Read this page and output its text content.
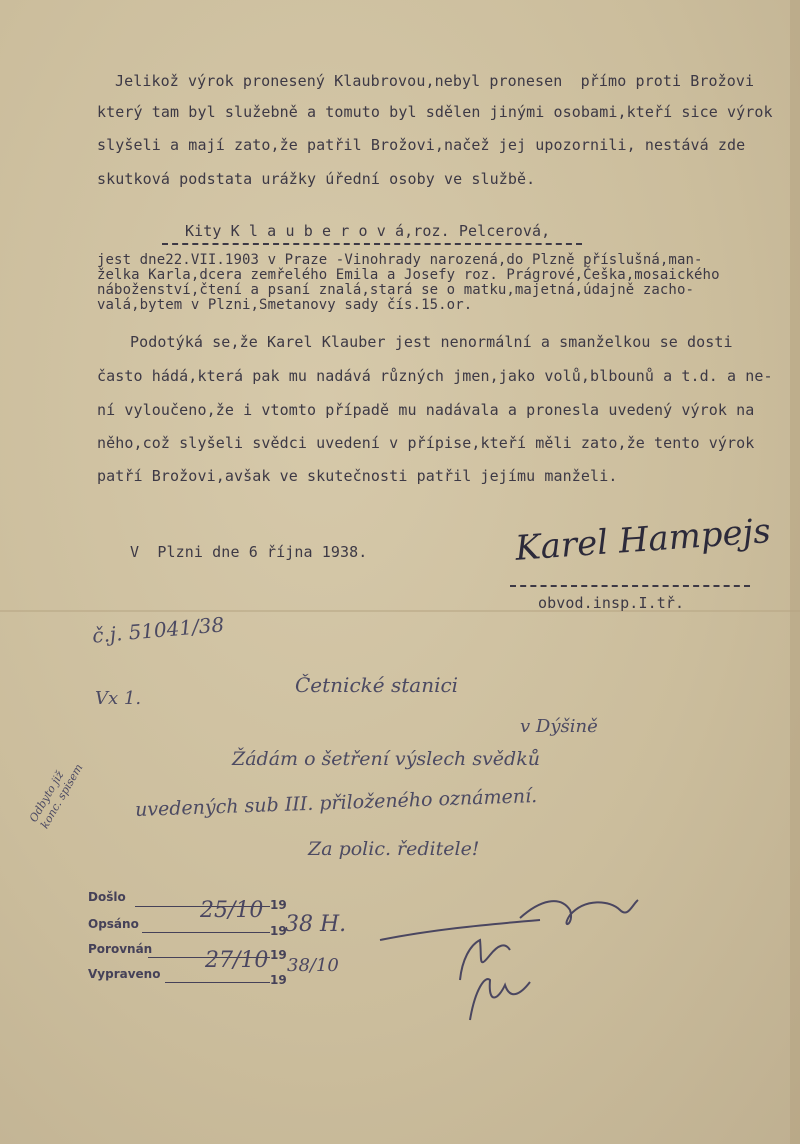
Jelikož výrok pronesený Klaubrovou,nebyl pronesen  přímo proti Brožovi
který tam byl služebně a tomuto byl sdělen jinými osobami,kteří sice výrok
slyšeli a mají zato,že patřil Brožovi,načež jej upozornili, nestává zde
skutková podstata urážky úřední osoby ve službě.
Kity K l a u b e r o v á,roz. Pelcerová,
jest dne22.VII.1903 v Praze -Vinohrady narozená,do Plzně příslušná,man-
želka Karla,dcera zemřelého Emila a Josefy roz. Prágrové,Češka,mosaického
náboženství,čtení a psaní znalá,stará se o matku,majetná,údajně zacho-
valá,bytem v Plzni,Smetanovy sady čís.15.or.
Podotýká se,že Karel Klauber jest nenormální a smanželkou se dosti
často hádá,která pak mu nadává různých jmen,jako volů,blbounů a t.d. a ne-
ní vyloučeno,že i vtomto případě mu nadávala a pronesla uvedený výrok na
něho,což slyšeli svědci uvedení v přípise,kteří měli zato,že tento výrok
patří Brožovi,avšak ve skutečnosti patřil jejímu manželi.
V  Plzni dne 6 října 1938.	Karel Hampejs
obvod.insp.I.tř.
č.j. 51041/38
Vx 1.
Četnické stanici
v Dýšině
Žádám o šetření výslech svědků
uvedených sub III. přiloženého oznámení.
Za polic. ředitele!
Odbyto již
konc. spisem
Došlo
Opsáno
Porovnán
Vypraveno
19
19
19
19
25/10
38 H.
27/10 38/10
